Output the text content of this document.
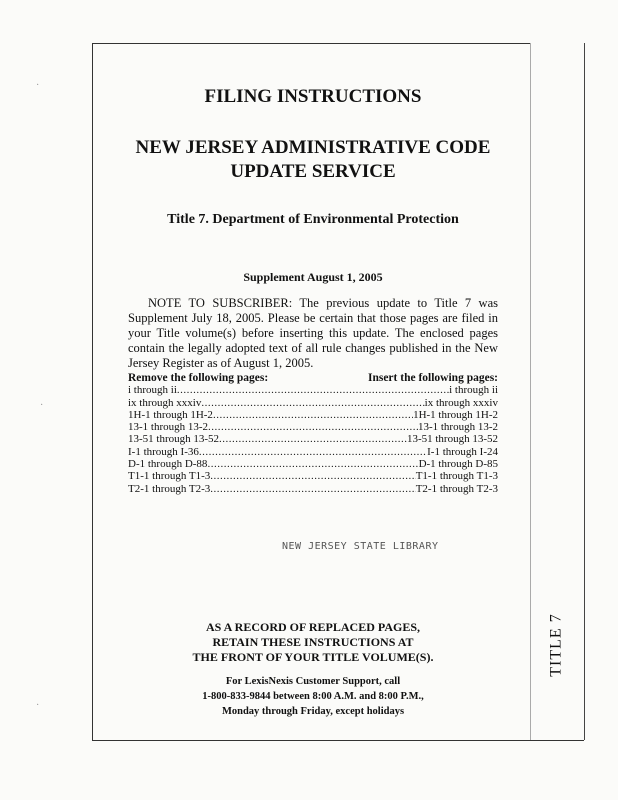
TITLE 7
·
·
·
FILING INSTRUCTIONS
NEW JERSEY ADMINISTRATIVE CODE
UPDATE SERVICE

Title 7. Department of Environmental Protection

Supplement August 1, 2005

NOTE TO SUBSCRIBER: The previous update to Title 7 was Supplement July 18, 2005. Please be certain that those pages are filed in your Title volume(s) before inserting this update. The enclosed pages contain the legally adopted text of all rule changes published in the New Jersey Register as of August 1, 2005.

Remove the following pages:	Insert the following pages:
i through ii .....	i through ii
ix through xxxiv .....	ix through xxxiv
1H-1 through 1H-2 .....	1H-1 through 1H-2
13-1 through 13-2 .....	13-1 through 13-2
13-51 through 13-52 .....	13-51 through 13-52
I-1 through I-36 .....	I-1 through I-24
D-1 through D-88 .....	D-1 through D-85
T1-1 through T1-3 .....	T1-1 through T1-3
T2-1 through T2-3 .....	T2-1 through T2-3
NEW JERSEY STATE LIBRARY

AS A RECORD OF REPLACED PAGES,
RETAIN THESE INSTRUCTIONS AT
THE FRONT OF YOUR TITLE VOLUME(S).

For LexisNexis Customer Support, call
1-800-833-9844 between 8:00 A.M. and 8:00 P.M.,
Monday through Friday, except holidays
